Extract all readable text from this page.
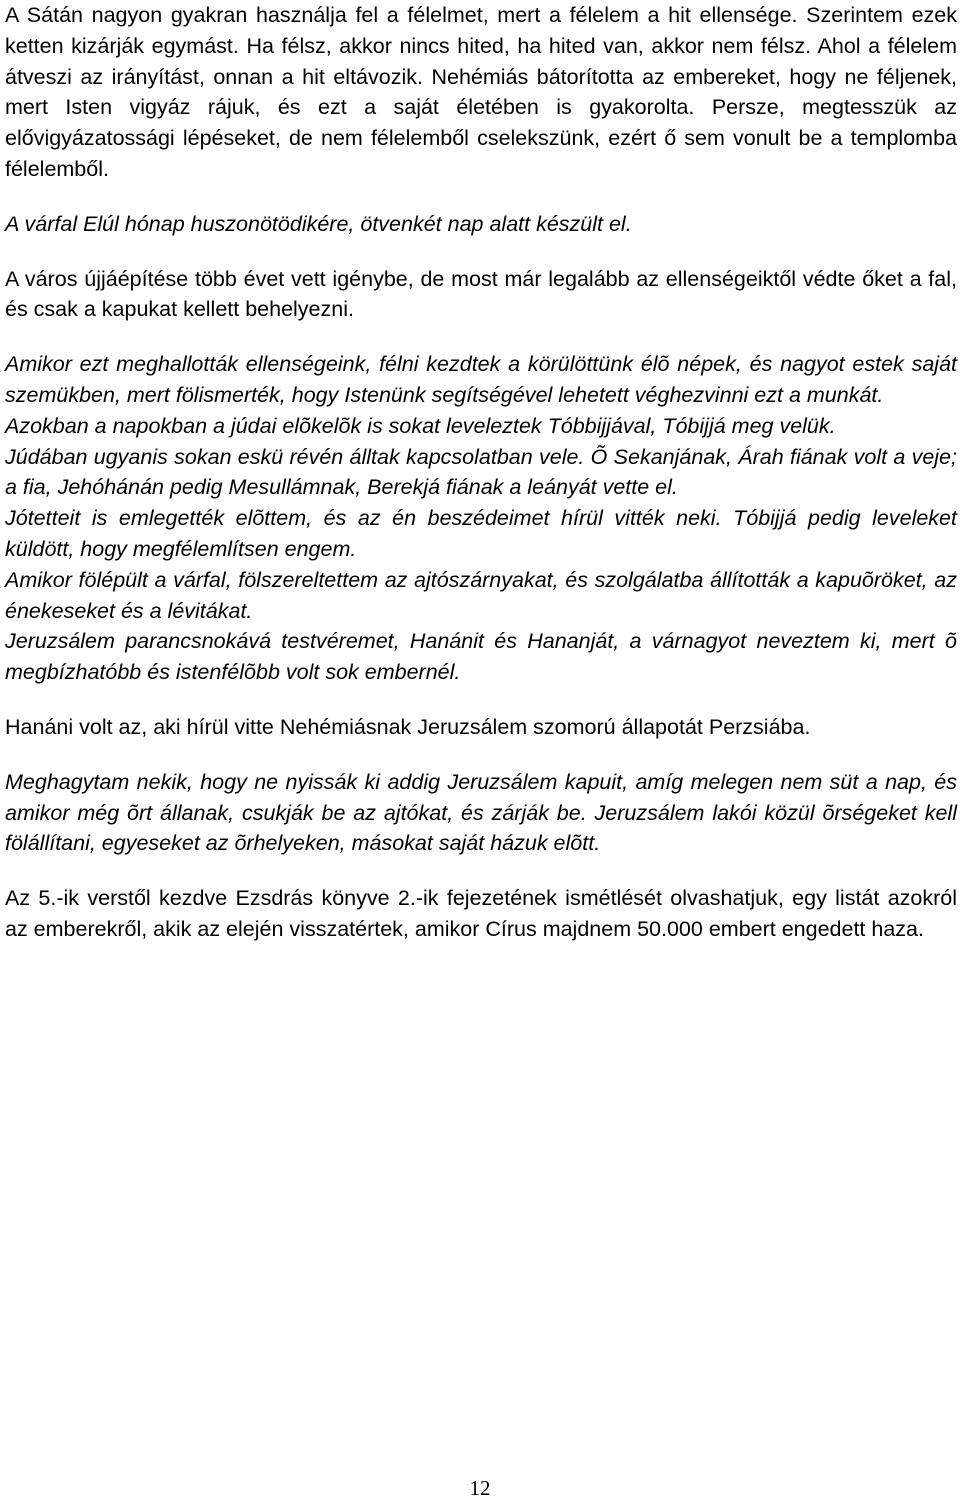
A Sátán nagyon gyakran használja fel a félelmet, mert a félelem a hit ellensége. Szerintem ezek ketten kizárják egymást. Ha félsz, akkor nincs hited, ha hited van, akkor nem félsz. Ahol a félelem átveszi az irányítást, onnan a hit eltávozik. Nehémiás bátorította az embereket, hogy ne féljenek, mert Isten vigyáz rájuk, és ezt a saját életében is gyakorolta. Persze, megtesszük az elővigyázatossági lépéseket, de nem félelemből cselekszünk, ezért ő sem vonult be a templomba félelemből.

A várfal Elúl hónap huszonötödikére, ötvenkét nap alatt készült el.

A város újjáépítése több évet vett igénybe, de most már legalább az ellenségeiktől védte őket a fal, és csak a kapukat kellett behelyezni.

Amikor ezt meghallották ellenségeink, félni kezdtek a körülöttünk élõ népek, és nagyot estek saját szemükben, mert fölismerték, hogy Istenünk segítségével lehetett véghezvinni ezt a munkát.

Azokban a napokban a júdai elõkelõk is sokat leveleztek Tóbbijjával, Tóbijjá meg velük.

Júdában ugyanis sokan eskü révén álltak kapcsolatban vele. Õ Sekanjának, Árah fiának volt a veje; a fia, Jehóhánán pedig Mesullámnak, Berekjá fiának a leányát vette el.

Jótetteit is emlegették elõttem, és az én beszédeimet hírül vitték neki. Tóbijjá pedig leveleket küldött, hogy megfélemlítsen engem.

Amikor fölépült a várfal, fölszereltettem az ajtószárnyakat, és szolgálatba állították a kapuõröket, az énekeseket és a lévitákat.

Jeruzsálem parancsnokává testvéremet, Hanánit és Hananját, a várnagyot neveztem ki, mert õ megbízhatóbb és istenfélõbb volt sok embernél.

Hanáni volt az, aki hírül vitte Nehémiásnak Jeruzsálem szomorú állapotát Perzsiába.

Meghagytam nekik, hogy ne nyissák ki addig Jeruzsálem kapuit, amíg melegen nem süt a nap, és amikor még õrt állanak, csukják be az ajtókat, és zárják be. Jeruzsálem lakói közül õrségeket kell fölállítani, egyeseket az õrhelyeken, másokat saját házuk elõtt.

Az 5.-ik verstől kezdve Ezsdrás könyve 2.-ik fejezetének ismétlését olvashatjuk, egy listát azokról az emberekről, akik az elején visszatértek, amikor Círus majdnem 50.000 embert engedett haza.

12
